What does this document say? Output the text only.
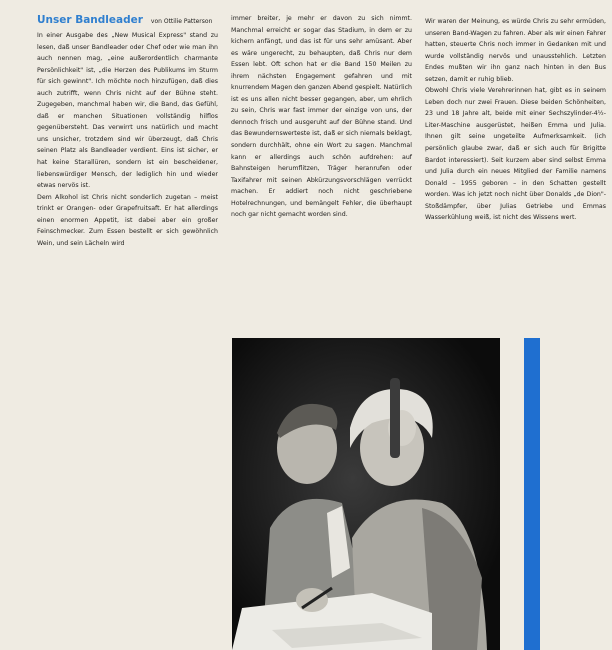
Unser Bandleader von Ottilie Patterson

In einer Ausgabe des „New Musical Express" stand zu lesen, daß unser Bandleader oder Chef oder wie man ihn auch nennen mag, „eine außerordentlich charmante Persönlichkeit" ist, „die Herzen des Publikums im Sturm für sich gewinnt". Ich möchte noch hinzufügen, daß dies auch zutrifft, wenn Chris nicht auf der Bühne steht. Zugegeben, manchmal haben wir, die Band, das Gefühl, daß er manchen Situationen vollständig hilflos gegenübersteht. Das verwirrt uns natürlich und macht uns unsicher, trotzdem sind wir überzeugt, daß Chris seinen Platz als Bandleader verdient. Eins ist sicher, er hat keine Starallüren, sondern ist ein bescheidener, liebenswürdiger Mensch, der lediglich hin und wieder etwas nervös ist.

Dem Alkohol ist Chris nicht sonderlich zugetan – meist trinkt er Orangen- oder Grapefruitsaft. Er hat allerdings einen enormen Appetit, ist dabei aber ein großer Feinschmecker. Zum Essen bestellt er sich gewöhnlich Wein, und sein Lächeln wird

immer breiter, je mehr er davon zu sich nimmt. Manchmal erreicht er sogar das Stadium, in dem er zu kichern anfängt, und das ist für uns sehr amüsant. Aber es wäre ungerecht, zu behaupten, daß Chris nur dem Essen lebt. Oft schon hat er die Band 150 Meilen zu ihrem nächsten Engagement gefahren und mit knurrendem Magen den ganzen Abend gespielt. Natürlich ist es uns allen nicht besser gegangen, aber, um ehrlich zu sein, Chris war fast immer der einzige von uns, der dennoch frisch und ausgeruht auf der Bühne stand. Und das Bewundernswerteste ist, daß er sich niemals beklagt, sondern durchhält, ohne ein Wort zu sagen. Manchmal kann er allerdings auch schön aufdrehen: auf Bahnsteigen herumflitzen, Träger heranrufen oder Taxifahrer mit seinen Abkürzungsvorschlägen verrückt machen. Er addiert noch nicht geschriebene Hotelrechnungen, und bemängelt Fehler, die überhaupt noch gar nicht gemacht worden sind.

Wir waren der Meinung, es würde Chris zu sehr ermüden, unseren Band-Wagen zu fahren. Aber als wir einen Fahrer hatten, steuerte Chris noch immer in Gedanken mit und wurde vollständig nervös und unausstehlich. Letzten Endes mußten wir ihn ganz nach hinten in den Bus setzen, damit er ruhig blieb.

Obwohl Chris viele Verehrerinnen hat, gibt es in seinem Leben doch nur zwei Frauen. Diese beiden Schönheiten, 23 und 18 Jahre alt, beide mit einer Sechszylinder-4½-Liter-Maschine ausgerüstet, heißen Emma und Julia. Ihnen gilt seine ungeteilte Aufmerksamkeit. (ich persönlich glaube zwar, daß er sich auch für Brigitte Bardot interessiert). Seit kurzem aber sind selbst Emma und Julia durch ein neues Mitglied der Familie namens Donald – 1955 geboren – in den Schatten gestellt worden. Was ich jetzt noch nicht über Donalds „de Dion"-Stoßdämpfer, über Julias Getriebe und Emmas Wasserkühlung weiß, ist nicht des Wissens wert.
